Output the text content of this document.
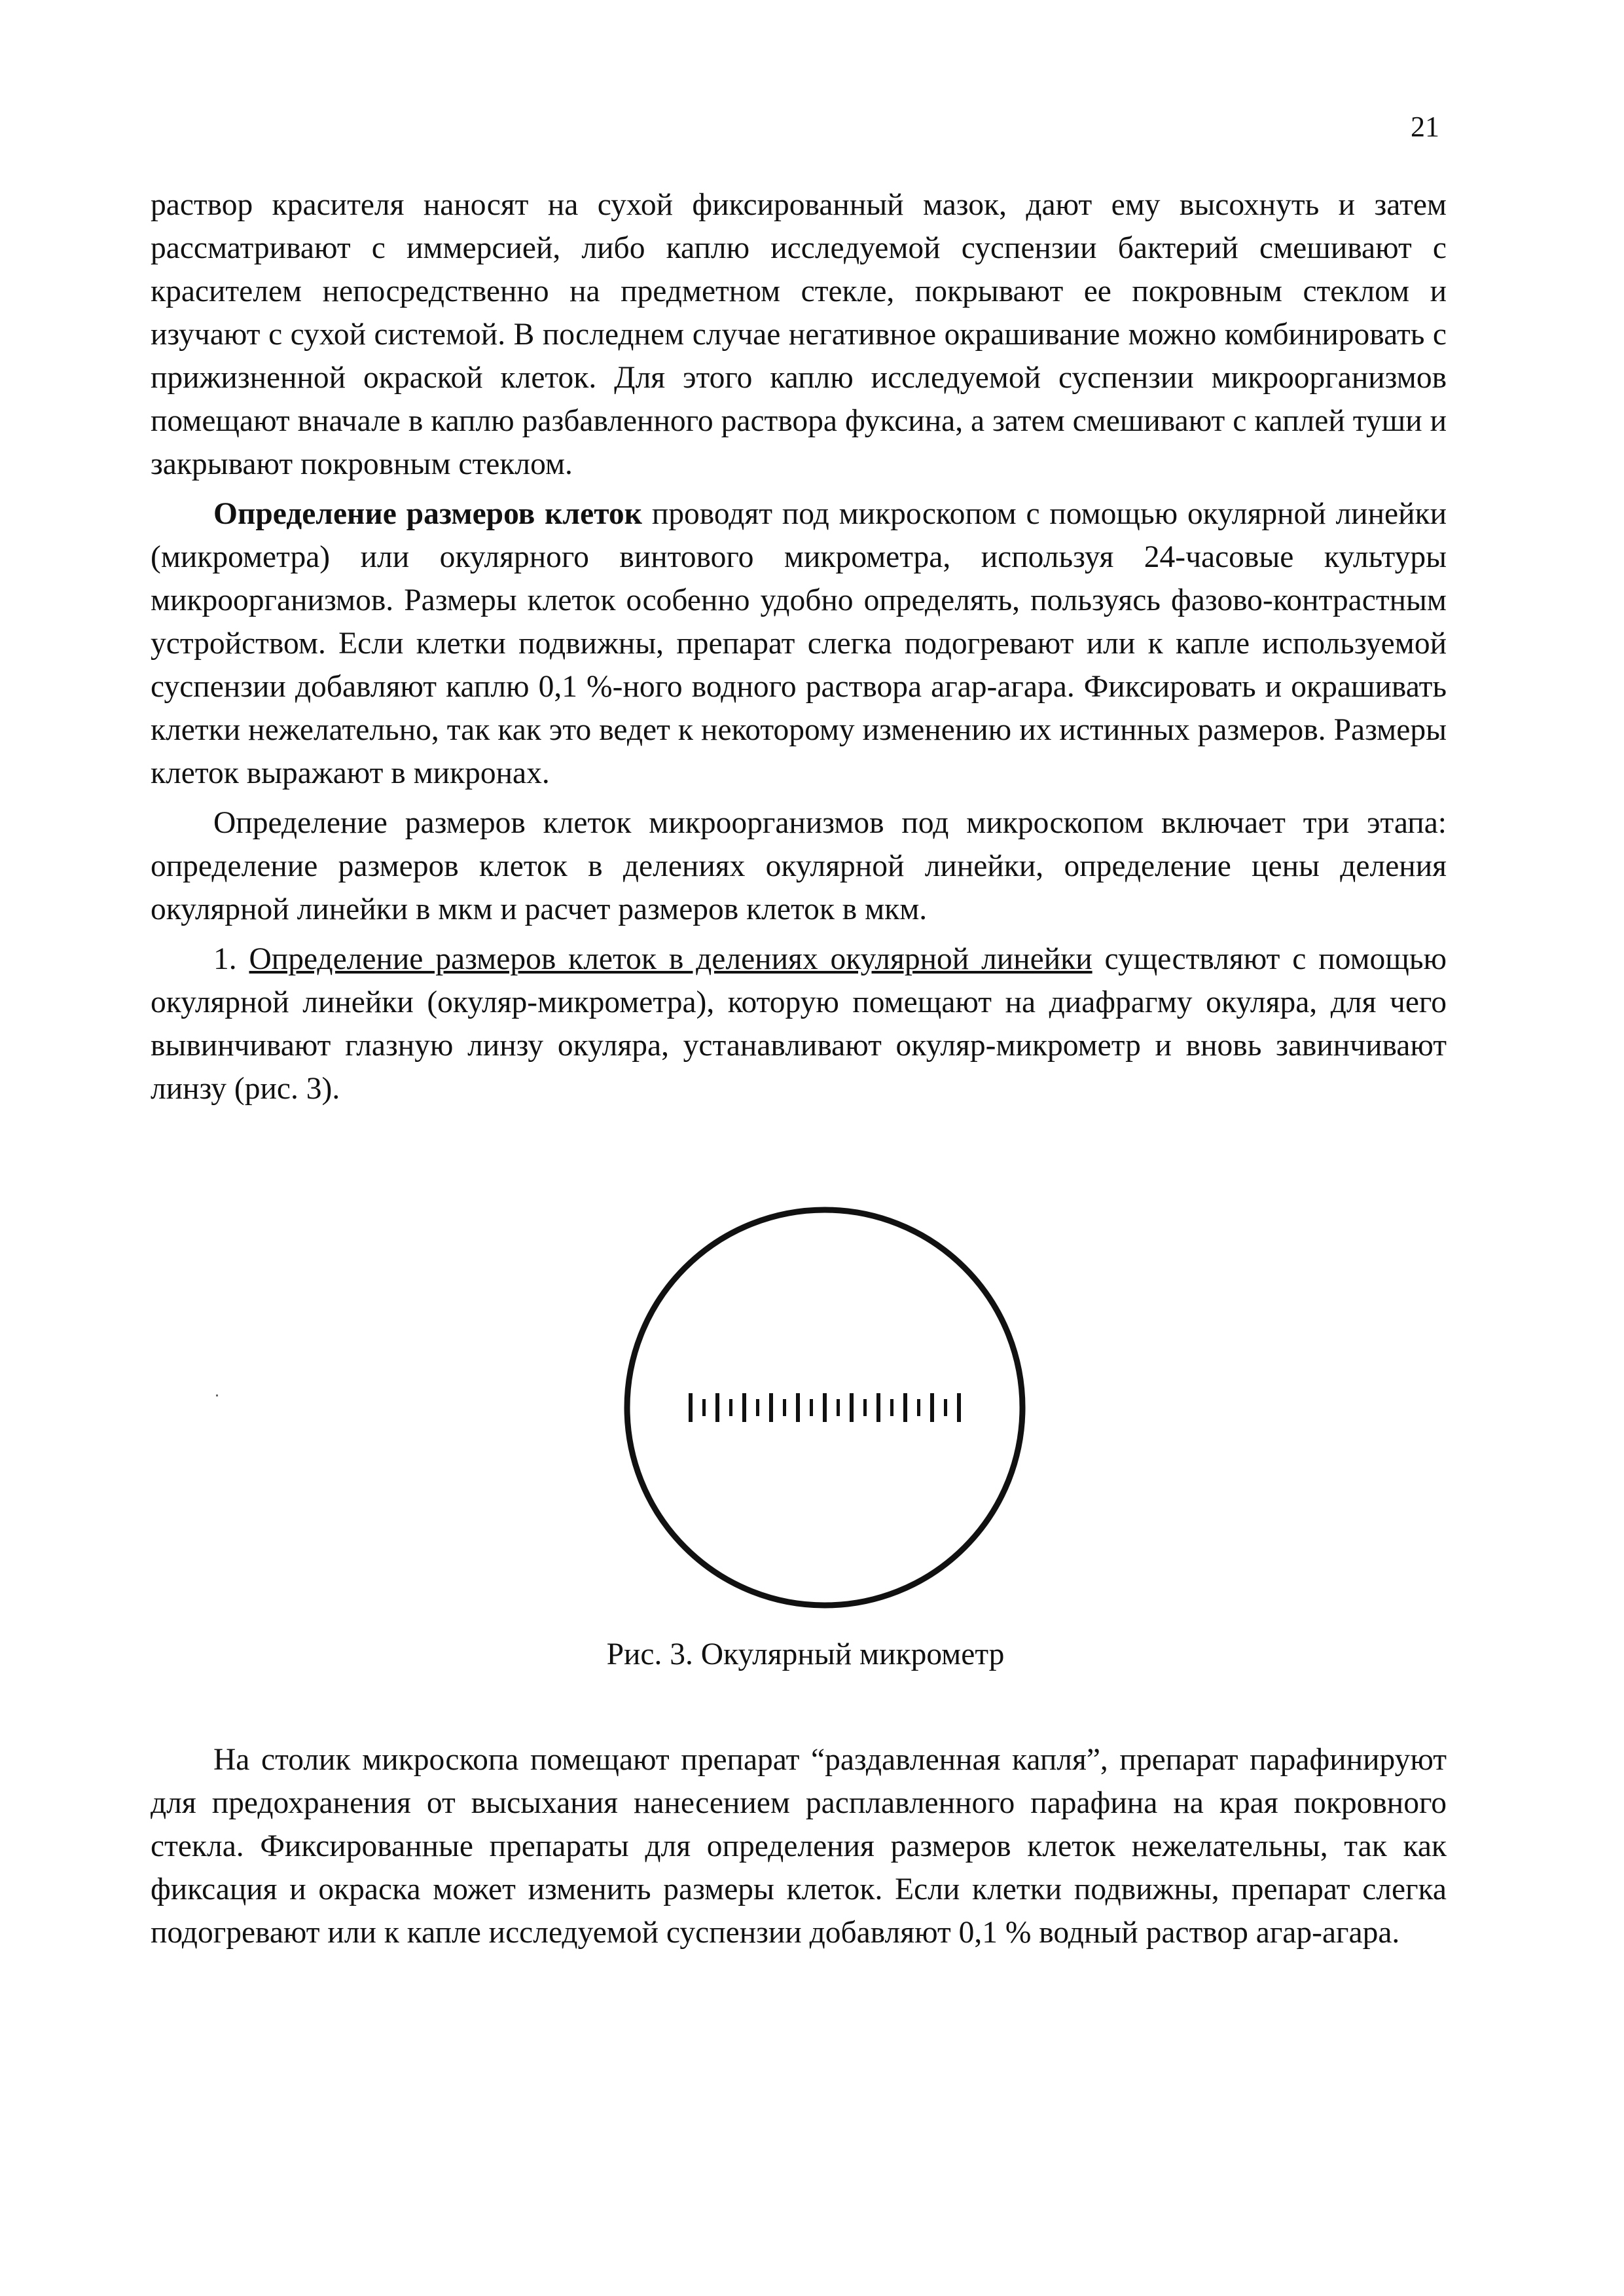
21

раствор красителя наносят на сухой фиксированный мазок, дают ему высохнуть и затем рассматривают с иммерсией, либо каплю исследуемой суспензии бактерий смешивают с красителем непосредственно на предметном стекле, покрывают ее покровным стеклом и изучают с сухой системой. В последнем случае негативное окрашивание можно комбинировать с прижизненной окраской клеток. Для этого каплю исследуемой суспензии микроорганизмов помещают вначале в каплю разбавленного раствора фуксина, а затем смешивают с каплей туши и закрывают покровным стеклом.

Определение размеров клеток проводят под микроскопом с помощью окулярной линейки (микрометра) или окулярного винтового микрометра, используя 24-часовые культуры микроорганизмов. Размеры клеток особенно удобно определять, пользуясь фазово-контрастным устройством. Если клетки подвижны, препарат слегка подогревают или к капле используемой суспензии добавляют каплю 0,1 %-ного водного раствора агар-агара. Фиксировать и окрашивать клетки нежелательно, так как это ведет к некоторому изменению их истинных размеров. Размеры клеток выражают в микронах.

Определение размеров клеток микроорганизмов под микроскопом включает три этапа: определение размеров клеток в делениях окулярной линейки, определение цены деления окулярной линейки в мкм и расчет размеров клеток в мкм.

1. Определение размеров клеток в делениях окулярной линейки существляют с помощью окулярной линейки (окуляр-микрометра), которую помещают на диафрагму окуляра, для чего вывинчивают глазную линзу окуляра, устанавливают окуляр-микрометр и вновь завинчивают линзу (рис. 3).

Рис. 3. Окулярный микрометр

На столик микроскопа помещают препарат “раздавленная капля”, препарат парафинируют для предохранения от высыхания нанесением расплавленного парафина на края покровного стекла. Фиксированные препараты для определения размеров клеток нежелательны, так как фиксация и окраска может изменить размеры клеток. Если клетки подвижны, препарат слегка подогревают или к капле исследуемой суспензии добавляют 0,1 % водный раствор агар-агара.
